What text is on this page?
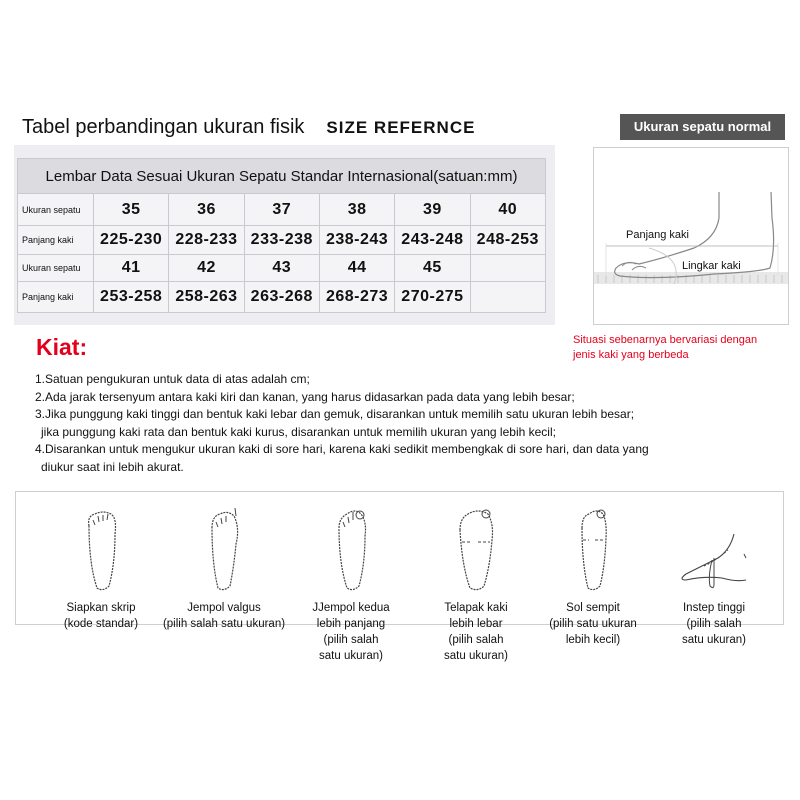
Tabel perbandingan ukuran fisik SIZE REFERNCE
Lembar Data Sesuai Ukuran Sepatu Standar Internasional(satuan:mm)						
Ukuran sepatu	35	36	37	38	39	40
Panjang kaki	225-230	228-233	233-238	238-243	243-248	248-253
Ukuran sepatu	41	42	43	44	45	
Panjang kaki	253-258	258-263	263-268	268-273	270-275	
Ukuran sepatu normal
Panjang kaki
Lingkar kaki
Situasi sebenarnya bervariasi dengan
jenis kaki yang berbeda
Kiat:
1.Satuan pengukuran untuk data di atas adalah cm;
2.Ada jarak tersenyum antara kaki kiri dan kanan, yang harus didasarkan pada data yang lebih besar;
3.Jika punggung kaki tinggi dan bentuk kaki lebar dan gemuk, disarankan untuk memilih satu ukuran lebih besar;
jika punggung kaki rata dan bentuk kaki kurus, disarankan untuk memilih ukuran yang lebih kecil;
4.Disarankan untuk mengukur ukuran kaki di sore hari, karena kaki sedikit membengkak di sore hari, dan data yang
diukur saat ini lebih akurat.
Siapkan skrip
(kode standar)
Jempol valgus
(pilih salah satu ukuran)
JJempol kedua
lebih panjang
(pilih salah
satu ukuran)
Telapak kaki
lebih lebar
(pilih salah
satu ukuran)
Sol sempit
(pilih satu ukuran
lebih kecil)
Instep tinggi
(pilih salah
satu ukuran)
